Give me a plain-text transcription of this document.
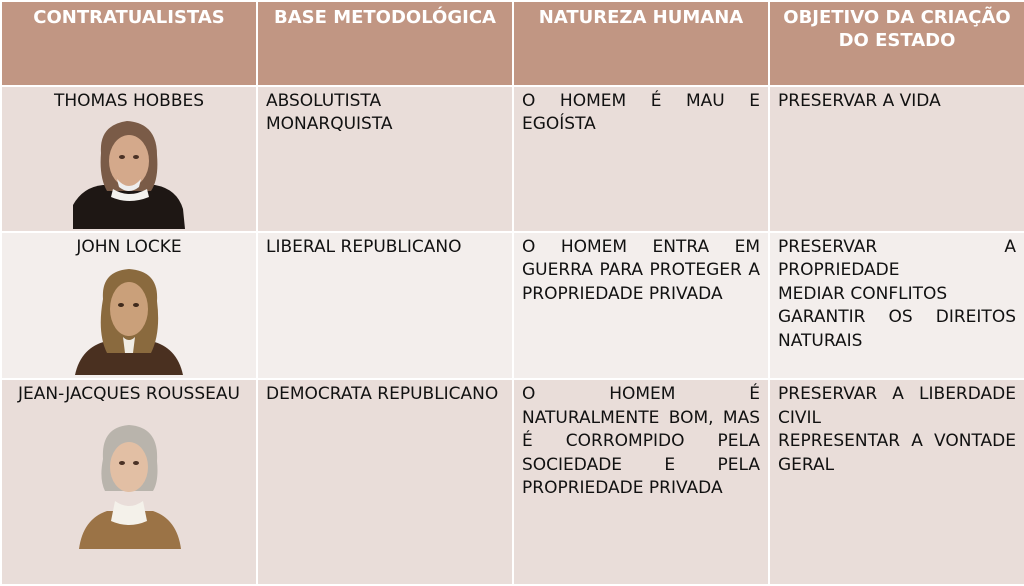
CONTRATUALISTAS	BASE METODOLÓGICA	NATUREZA HUMANA	OBJETIVO DA CRIAÇÃO DO ESTADO

THOMAS HOBBES	ABSOLUTISTA MONARQUISTA	O HOMEM É MAU E EGOÍSTA	PRESERVAR A VIDA

JOHN LOCKE	LIBERAL REPUBLICANO	O HOMEM ENTRA EM GUERRA PARA PROTEGER A PROPRIEDADE PRIVADA	PRESERVAR A PROPRIEDADE
MEDIAR CONFLITOS
GARANTIR OS DIREITOS NATURAIS

JEAN-JACQUES ROUSSEAU	DEMOCRATA REPUBLICANO	O HOMEM É NATURALMENTE BOM, MAS É CORROMPIDO PELA SOCIEDADE E PELA PROPRIEDADE PRIVADA	PRESERVAR A LIBERDADE CIVIL
REPRESENTAR A VONTADE GERAL
